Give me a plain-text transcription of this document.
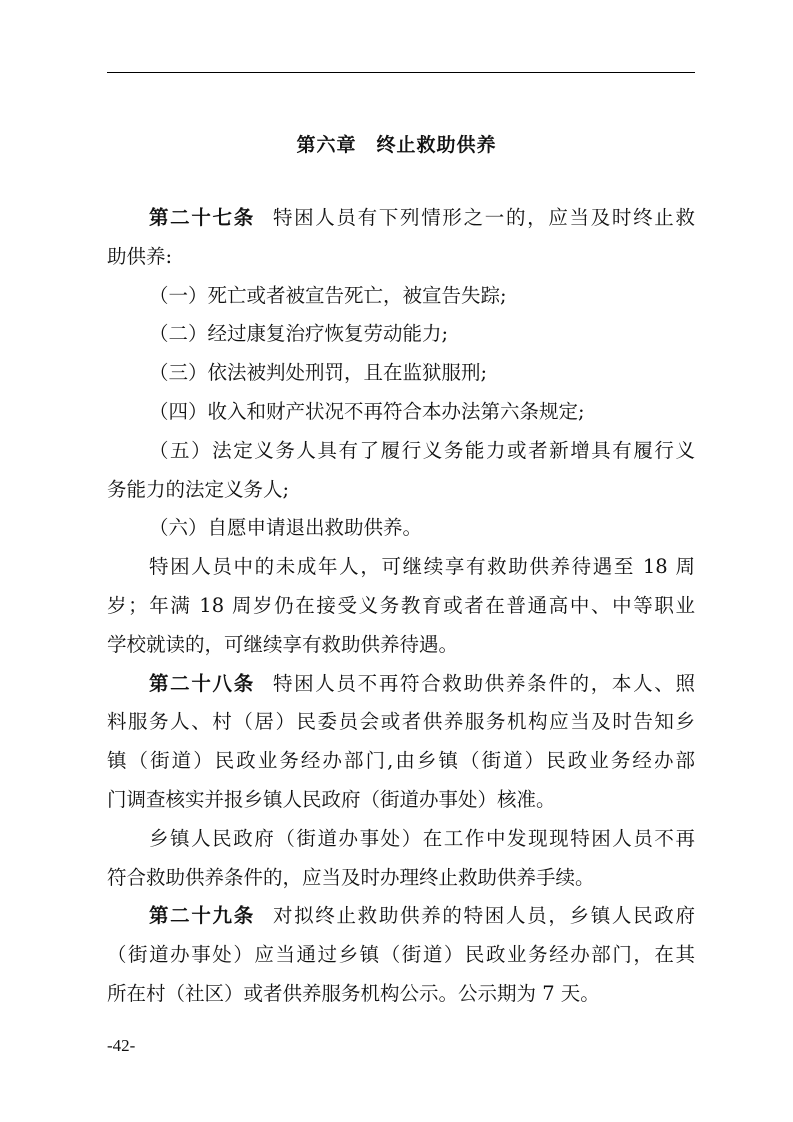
第六章 终止救助供养
第二十七条 特困人员有下列情形之一的，应当及时终止救
助供养:
（一）死亡或者被宣告死亡，被宣告失踪;
（二）经过康复治疗恢复劳动能力;
（三）依法被判处刑罚，且在监狱服刑;
（四）收入和财产状况不再符合本办法第六条规定;
（五）法定义务人具有了履行义务能力或者新增具有履行义
务能力的法定义务人;
（六）自愿申请退出救助供养。
特困人员中的未成年人，可继续享有救助供养待遇至 18 周
岁；年满 18 周岁仍在接受义务教育或者在普通高中、中等职业
学校就读的，可继续享有救助供养待遇。
第二十八条 特困人员不再符合救助供养条件的，本人、照
料服务人、村（居）民委员会或者供养服务机构应当及时告知乡
镇（街道）民政业务经办部门,由乡镇（街道）民政业务经办部
门调查核实并报乡镇人民政府（街道办事处）核准。
乡镇人民政府（街道办事处）在工作中发现现特困人员不再
符合救助供养条件的，应当及时办理终止救助供养手续。
第二十九条 对拟终止救助供养的特困人员，乡镇人民政府
（街道办事处）应当通过乡镇（街道）民政业务经办部门，在其
所在村（社区）或者供养服务机构公示。公示期为 7 天。
-42-
